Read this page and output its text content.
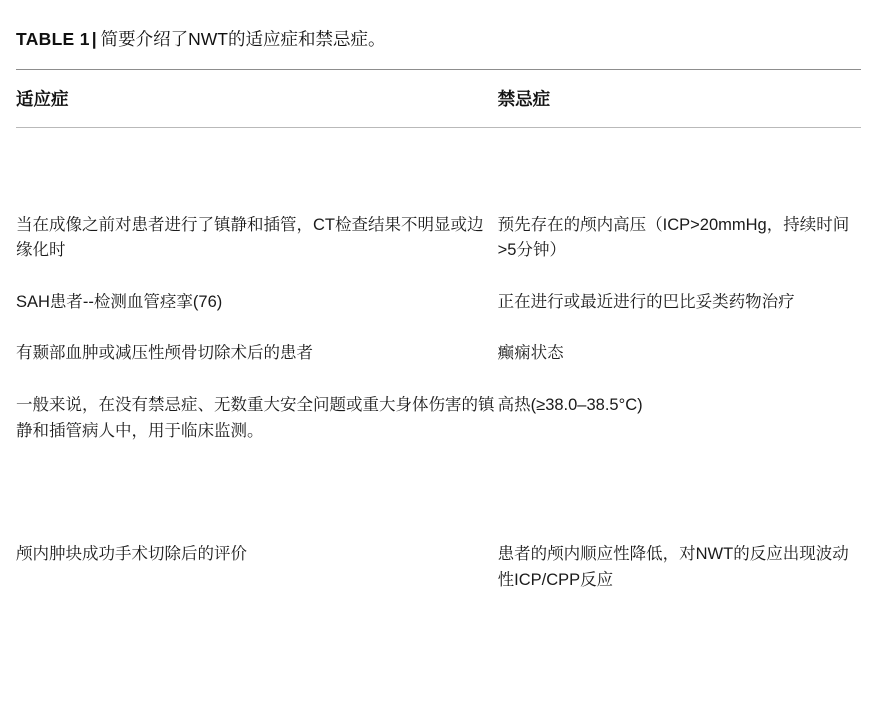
TABLE 1 | 简要介绍了NWT的适应症和禁忌症。
适应症	禁忌症

当在成像之前对患者进行了镇静和插管，CT检查结果不明显或边缘化时	预先存在的颅内高压（ICP>20mmHg，持续时间>5分钟）
SAH患者--检测血管痉挛(76)	正在进行或最近进行的巴比妥类药物治疗
有颞部血肿或减压性颅骨切除术后的患者	癫痫状态
一般来说，在没有禁忌症、无数重大安全问题或重大身体伤害的镇静和插管病人中，用于临床监测。	高热(≥38.0–38.5°C)

颅内肿块成功手术切除后的评价	患者的颅内顺应性降低，对NWT的反应出现波动性ICP/CPP反应
